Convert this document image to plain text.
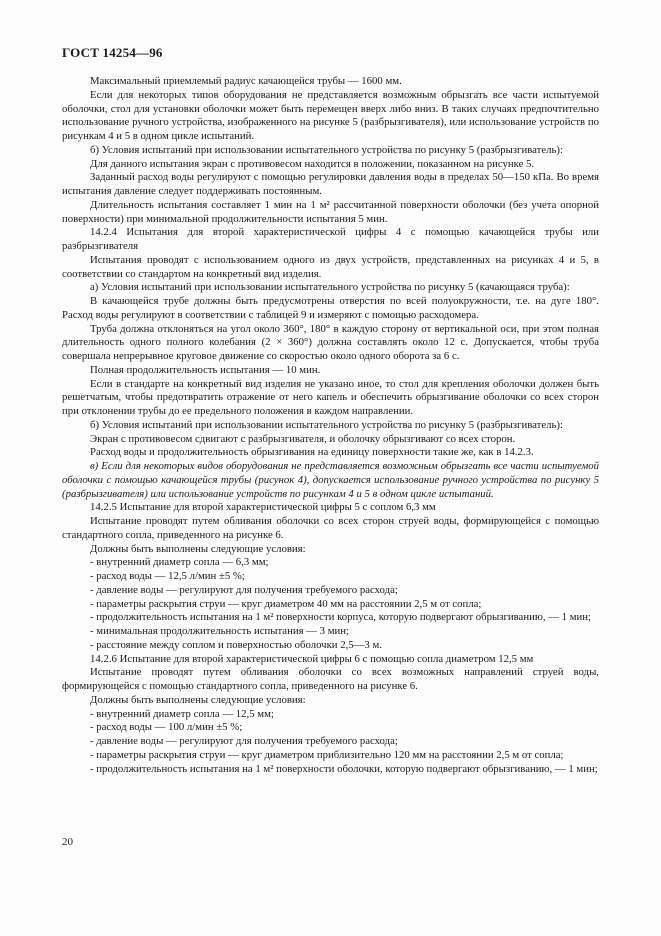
ГОСТ 14254—96

Максимальный приемлемый радиус качающейся трубы — 1600 мм.

Если для некоторых типов оборудования не представляется возможным обрызгать все части испытуемой оболочки, стол для установки оболочки может быть перемещен вверх либо вниз. В таких случаях предпочтительно использование ручного устройства, изображенного на рисунке 5 (разбрызгивателя), или использование устройств по рисункам 4 и 5 в одном цикле испытаний.

б) Условия испытаний при использовании испытательного устройства по рисунку 5 (разбрызгиватель):

Для данного испытания экран с противовесом находится в положении, показанном на рисунке 5.

Заданный расход воды регулируют с помощью регулировки давления воды в пределах 50—150 кПа. Во время испытания давление следует поддерживать постоянным.

Длительность испытания составляет 1 мин на 1 м² рассчитанной поверхности оболочки (без учета опорной поверхности) при минимальной продолжительности испытания 5 мин.

14.2.4 Испытания для второй характеристической цифры 4 с помощью качающейся трубы или разбрызгивателя

Испытания проводят с использованием одного из двух устройств, представленных на рисунках 4 и 5, в соответствии со стандартом на конкретный вид изделия.

а) Условия испытаний при использовании испытательного устройства по рисунку 5 (качающаяся труба):

В качающейся трубе должны быть предусмотрены отверстия по всей полуокружности, т.е. на дуге 180°. Расход воды регулируют в соответствии с таблицей 9 и измеряют с помощью расходомера.

Труба должна отклоняться на угол около 360°, 180° в каждую сторону от вертикальной оси, при этом полная длительность одного полного колебания (2 × 360°) должна составлять около 12 с. Допускается, чтобы труба совершала непрерывное круговое движение со скоростью около одного оборота за 6 с.

Полная продолжительность испытания — 10 мин.

Если в стандарте на конкретный вид изделия не указано иное, то стол для крепления оболочки должен быть решетчатым, чтобы предотвратить отражение от него капель и обеспечить обрызгивание оболочки со всех сторон при отклонении трубы до ее предельного положения в каждом направлении.

б) Условия испытаний при использовании испытательного устройства по рисунку 5 (разбрызгиватель):

Экран с противовесом сдвигают с разбрызгивателя, и оболочку обрызгивают со всех сторон.

Расход воды и продолжительность обрызгивания на единицу поверхности такие же, как в 14.2.3.

в) Если для некоторых видов оборудования не представляется возможным обрызгать все части испытуемой оболочки с помощью качающейся трубы (рисунок 4), допускается использование ручного устройства по рисунку 5 (разбрызгивателя) или использование устройств по рисункам 4 и 5 в одном цикле испытаний.

14.2.5 Испытание для второй характеристической цифры 5 с соплом 6,3 мм

Испытание проводят путем обливания оболочки со всех сторон струей воды, формирующейся с помощью стандартного сопла, приведенного на рисунке 6.

Должны быть выполнены следующие условия:

- внутренний диаметр сопла — 6,3 мм;

- расход воды — 12,5 л/мин ±5 %;

- давление воды — регулируют для получения требуемого расхода;

- параметры раскрытия струи — круг диаметром 40 мм на расстоянии 2,5 м от сопла;

- продолжительность испытания на 1 м² поверхности корпуса, которую подвергают обрызгиванию, — 1 мин;

- минимальная продолжительность испытания — 3 мин;

- расстояние между соплом и поверхностью оболочки 2,5—3 м.

14.2.6 Испытание для второй характеристической цифры 6 с помощью сопла диаметром 12,5 мм

Испытание проводят путем обливания оболочки со всех возможных направлений струей воды, формирующейся с помощью стандартного сопла, приведенного на рисунке 6.

Должны быть выполнены следующие условия:

- внутренний диаметр сопла — 12,5 мм;

- расход воды — 100 л/мин ±5 %;

- давление воды — регулируют для получения требуемого расхода;

- параметры раскрытия струи — круг диаметром приблизительно 120 мм на расстоянии 2,5 м от сопла;

- продолжительность испытания на 1 м² поверхности оболочки, которую подвергают обрызгиванию, — 1 мин;

20
